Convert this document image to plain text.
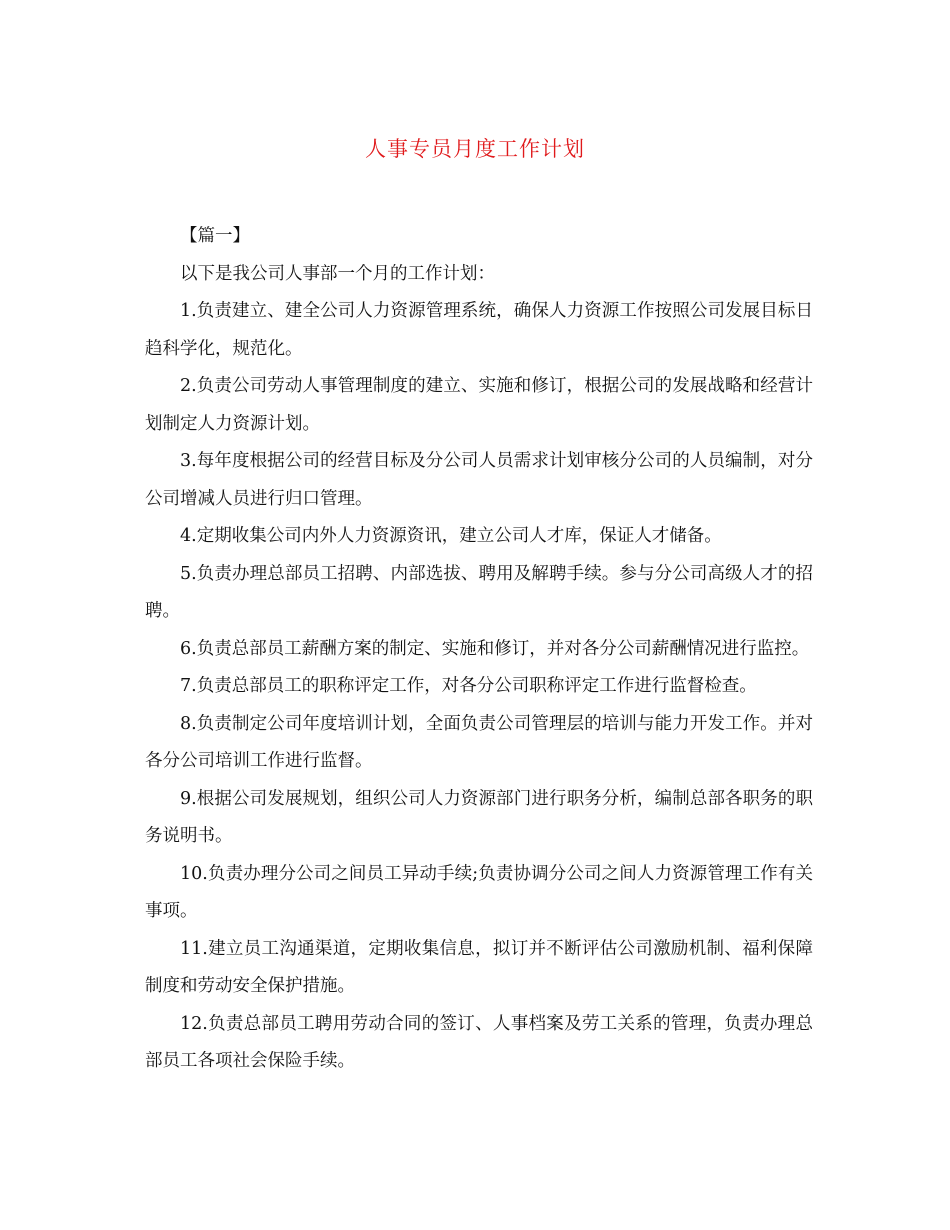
人事专员月度工作计划

【篇一】

以下是我公司人事部一个月的工作计划：

1.负责建立、建全公司人力资源管理系统，确保人力资源工作按照公司发展目标日趋科学化，规范化。

2.负责公司劳动人事管理制度的建立、实施和修订，根据公司的发展战略和经营计划制定人力资源计划。

3.每年度根据公司的经营目标及分公司人员需求计划审核分公司的人员编制，对分公司增减人员进行归口管理。

4.定期收集公司内外人力资源资讯，建立公司人才库，保证人才储备。

5.负责办理总部员工招聘、内部选拔、聘用及解聘手续。参与分公司高级人才的招聘。

6.负责总部员工薪酬方案的制定、实施和修订，并对各分公司薪酬情况进行监控。

7.负责总部员工的职称评定工作，对各分公司职称评定工作进行监督检查。

8.负责制定公司年度培训计划，全面负责公司管理层的培训与能力开发工作。并对各分公司培训工作进行监督。

9.根据公司发展规划，组织公司人力资源部门进行职务分析，编制总部各职务的职务说明书。

10.负责办理分公司之间员工异动手续;负责协调分公司之间人力资源管理工作有关事项。

11.建立员工沟通渠道，定期收集信息，拟订并不断评估公司激励机制、福利保障制度和劳动安全保护措施。

12.负责总部员工聘用劳动合同的签订、人事档案及劳工关系的管理，负责办理总部员工各项社会保险手续。
